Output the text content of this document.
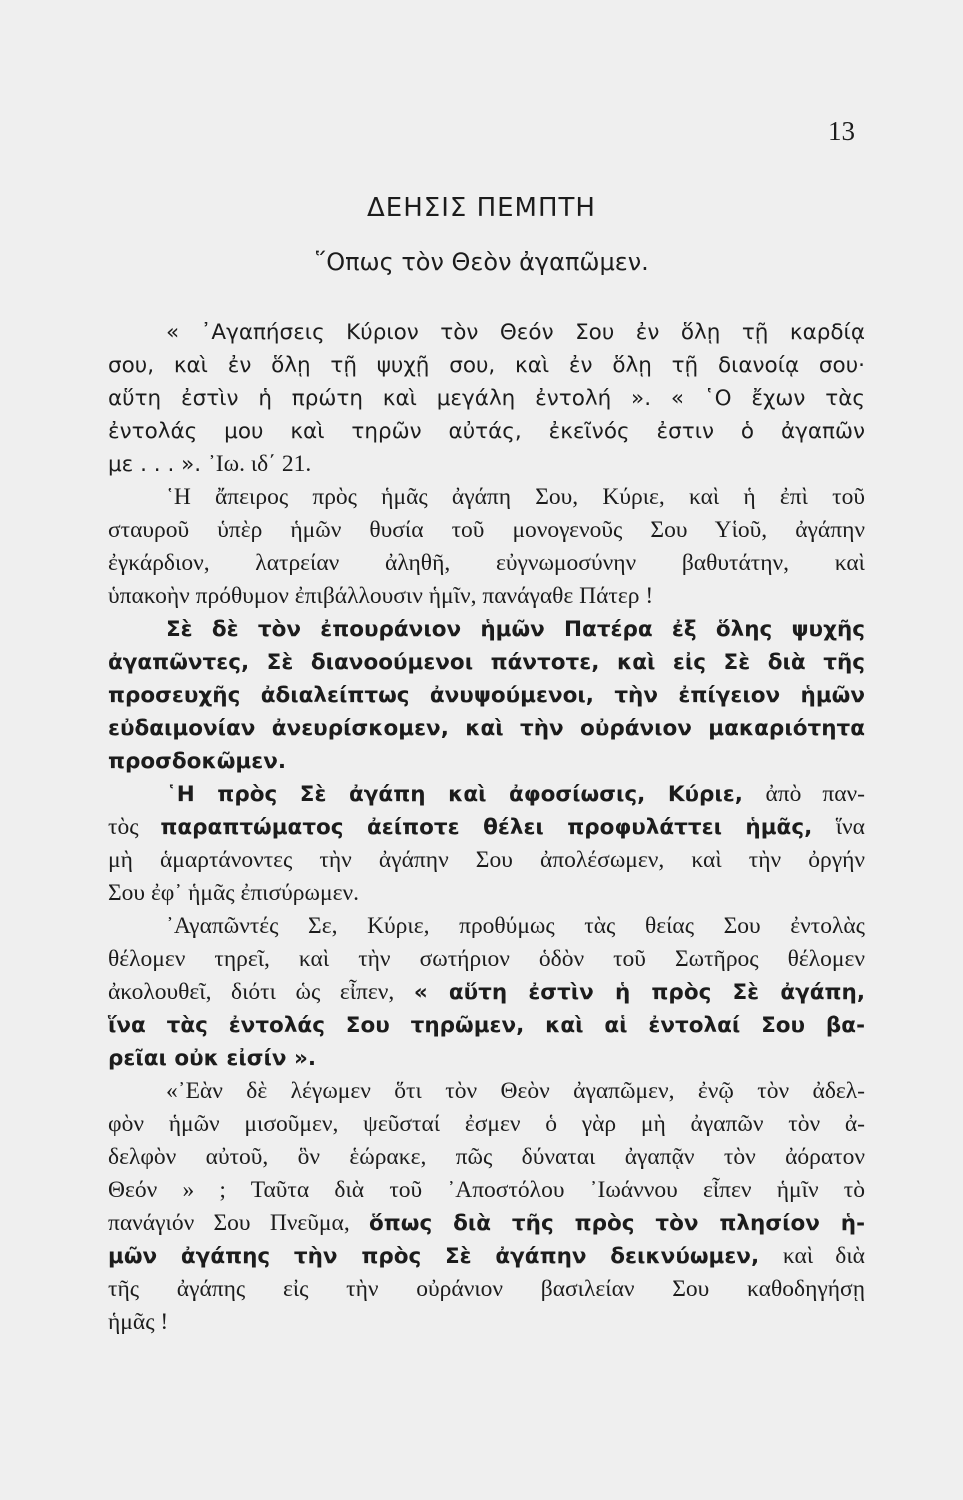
13
ΔΕΗΣΙΣ ΠΕΜΠΤΗ
῞Οπως τὸν Θεὸν ἀγαπῶμεν.
« ᾿Αγαπήσεις Κύριον τὸν Θεόν Σου ἐν ὅλῃ τῇ καρδίᾳ
σου, καὶ ἐν ὅλῃ τῇ ψυχῇ σου, καὶ ἐν ὅλῃ τῇ διανοίᾳ σου·
αὕτη ἐστὶν ἡ πρώτη καὶ μεγάλη ἐντολή ». « ῾Ο ἔχων τὰς
ἐντολάς μου καὶ τηρῶν αὐτάς, ἐκεῖνός ἐστιν ὁ ἀγαπῶν
με . . . ». ᾿Ιω. ιδ΄ 21.
῾Η ἄπειρος πρὸς ἡμᾶς ἀγάπη Σου, Κύριε, καὶ ἡ ἐπὶ τοῦ
σταυροῦ ὑπὲρ ἡμῶν θυσία τοῦ μονογενοῦς Σου Υἱοῦ, ἀγάπην
ἐγκάρδιον, λατρείαν ἀληθῆ, εὐγνωμοσύνην βαθυτάτην, καὶ
ὑπακοὴν πρόθυμον ἐπιβάλλουσιν ἡμῖν, πανάγαθε Πάτερ !
Σὲ δὲ τὸν ἐπουράνιον ἡμῶν Πατέρα ἐξ ὅλης ψυχῆς
ἀγαπῶντες, Σὲ διανοούμενοι πάντοτε, καὶ εἰς Σὲ διὰ τῆς
προσευχῆς ἀδιαλείπτως ἀνυψούμενοι, τὴν ἐπίγειον ἡμῶν
εὐδαιμονίαν ἀνευρίσκομεν, καὶ τὴν οὐράνιον μακαριότητα
προσδοκῶμεν.
῾Η πρὸς Σὲ ἀγάπη καὶ ἀφοσίωσις, Κύριε, ἀπὸ παν-
τὸς παραπτώματος ἀείποτε θέλει προφυλάττει ἡμᾶς, ἵνα
μὴ ἁμαρτάνοντες τὴν ἀγάπην Σου ἀπολέσωμεν, καὶ τὴν ὀργήν
Σου ἐφ᾿ ἡμᾶς ἐπισύρωμεν.
᾿Αγαπῶντές Σε, Κύριε, προθύμως τὰς θείας Σου ἐντολὰς
θέλομεν τηρεῖ, καὶ τὴν σωτήριον ὁδὸν τοῦ Σωτῆρος θέλομεν
ἀκολουθεῖ, διότι ὡς εἶπεν, « αὕτη ἐστὶν ἡ πρὸς Σὲ ἀγάπη,
ἵνα τὰς ἐντολάς Σου τηρῶμεν, καὶ αἱ ἐντολαί Σου βα-
ρεῖαι οὐκ εἰσίν ».
«᾿Εὰν δὲ λέγωμεν ὅτι τὸν Θεὸν ἀγαπῶμεν, ἐνῷ τὸν ἀδελ-
φὸν ἡμῶν μισοῦμεν, ψεῦσταί ἐσμεν ὁ γὰρ μὴ ἀγαπῶν τὸν ἀ-
δελφὸν αὐτοῦ, ὃν ἑώρακε, πῶς δύναται ἀγαπᾷν τὸν ἀόρατον
Θεόν » ; Ταῦτα διὰ τοῦ ᾿Αποστόλου ᾿Ιωάννου εἶπεν ἡμῖν τὸ
πανάγιόν Σου Πνεῦμα, ὅπως διὰ τῆς πρὸς τὸν πλησίον ἡ-
μῶν ἀγάπης τὴν πρὸς Σὲ ἀγάπην δεικνύωμεν, καὶ διὰ
τῆς ἀγάπης εἰς τὴν οὐράνιον βασιλείαν Σου καθοδηγήσῃ
ἡμᾶς !
